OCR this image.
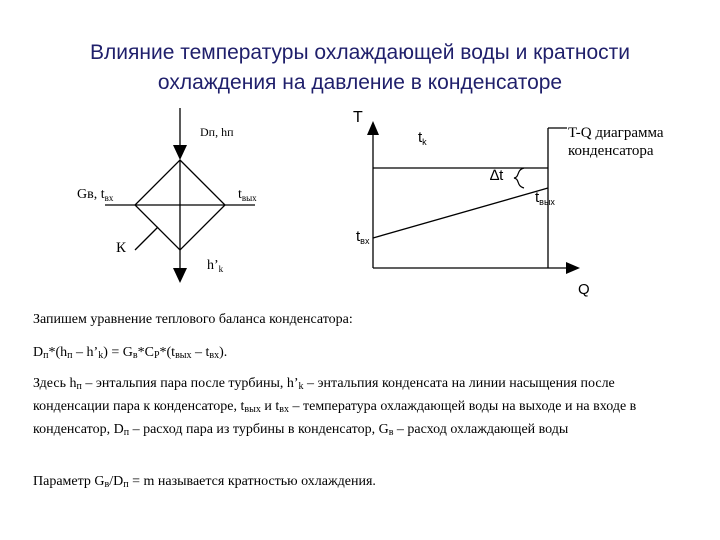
Влияние температуры охлаждающей воды и кратности
охлаждения на давление в конденсаторе
Dп, hп
Gв, $t_{вх}$	$t_{вых}$
К
$h’_k$
T
Q
$t_k$
∆t
$t_{вых}$
$t_{вх}$
T-Q диаграмма
конденсатора
Запишем уравнение теплового баланса конденсатора:
$D_п*(h_п$ – $h’_k) = G_в*C_P*(t_{вых} - t_{вх})$.
Здесь $h_п$ – энтальпия пара после турбины, $h’_k$ – энтальпия конденсата на линии насыщения после конденсации пара к конденсаторе, $t_{вых}$ и $t_{вх}$ – температура охлаждающей воды на выходе и на входе в конденсатор, $D_п$ – расход пара из турбины в конденсатор, $G_в$ – расход охлаждающей воды
Параметр $G_в/D_п = m$ называется кратностью охлаждения.
